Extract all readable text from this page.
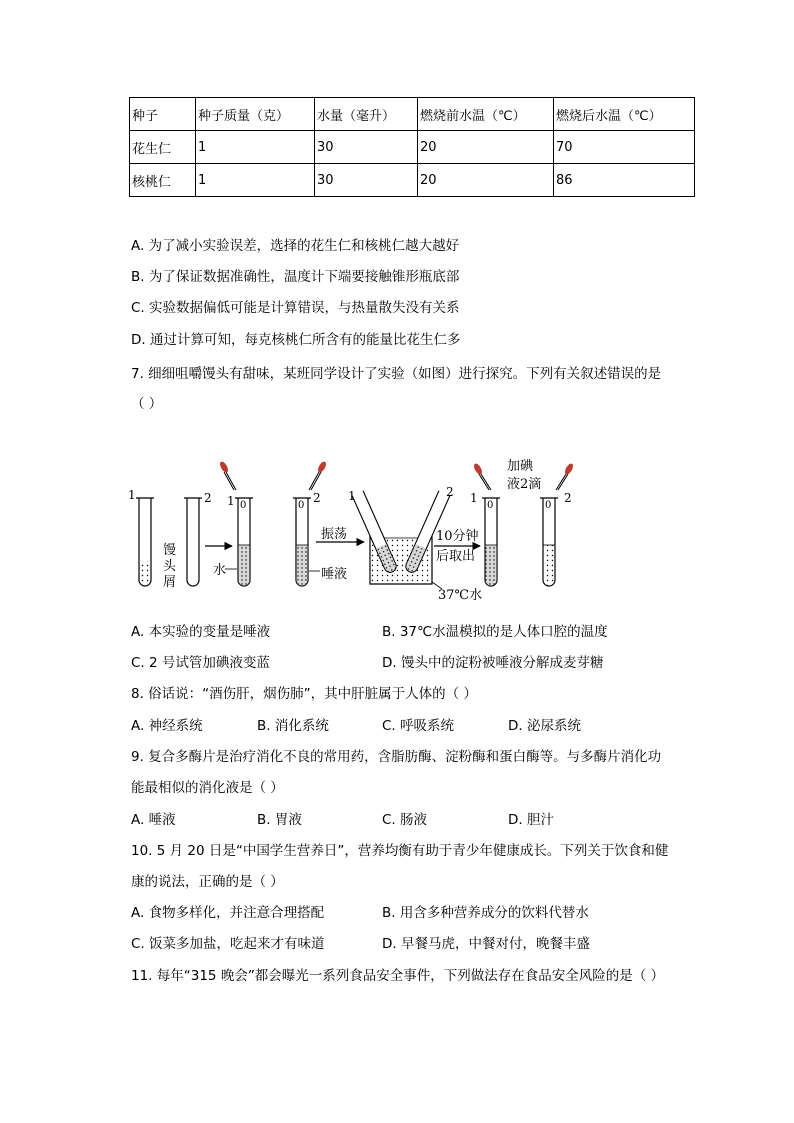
种子	种子质量（克）	水量（毫升）	燃烧前水温（℃）	燃烧后水温（℃）
花生仁	1	30	20	70
核桃仁	1	30	20	86
A. 为了减小实验误差，选择的花生仁和核桃仁越大越好
B. 为了保证数据准确性，温度计下端要接触锥形瓶底部
C. 实验数据偏低可能是计算错误，与热量散失没有关系
D. 通过计算可知，每克核桃仁所含有的能量比花生仁多
7. 细细咀嚼馒头有甜味，某班同学设计了实验（如图）进行探究。下列有关叙述错误的是
（ ）
1	2
馒
头
屑
1 0
水
0
2
唾液
振荡
1	2
37℃水
10分钟
后取出
1
0
加碘
液2滴
0
2
A. 本实验的变量是唾液	B. 37℃水温模拟的是人体口腔的温度
C. 2 号试管加碘液变蓝	D. 馒头中的淀粉被唾液分解成麦芽糖
8. 俗话说：“酒伤肝，烟伤肺”，其中肝脏属于人体的（ ）
A. 神经系统	B. 消化系统	C. 呼吸系统	D. 泌尿系统
9. 复合多酶片是治疗消化不良的常用药，含脂肪酶、淀粉酶和蛋白酶等。与多酶片消化功
能最相似的消化液是（ ）
A. 唾液	B. 胃液	C. 肠液	D. 胆汁
10. 5 月 20 日是“中国学生营养日”，营养均衡有助于青少年健康成长。下列关于饮食和健
康的说法，正确的是（ ）
A. 食物多样化，并注意合理搭配	B. 用含多种营养成分的饮料代替水
C. 饭菜多加盐，吃起来才有味道	D. 早餐马虎，中餐对付，晚餐丰盛
11. 每年“315 晚会”都会曝光一系列食品安全事件，下列做法存在食品安全风险的是（ ）
